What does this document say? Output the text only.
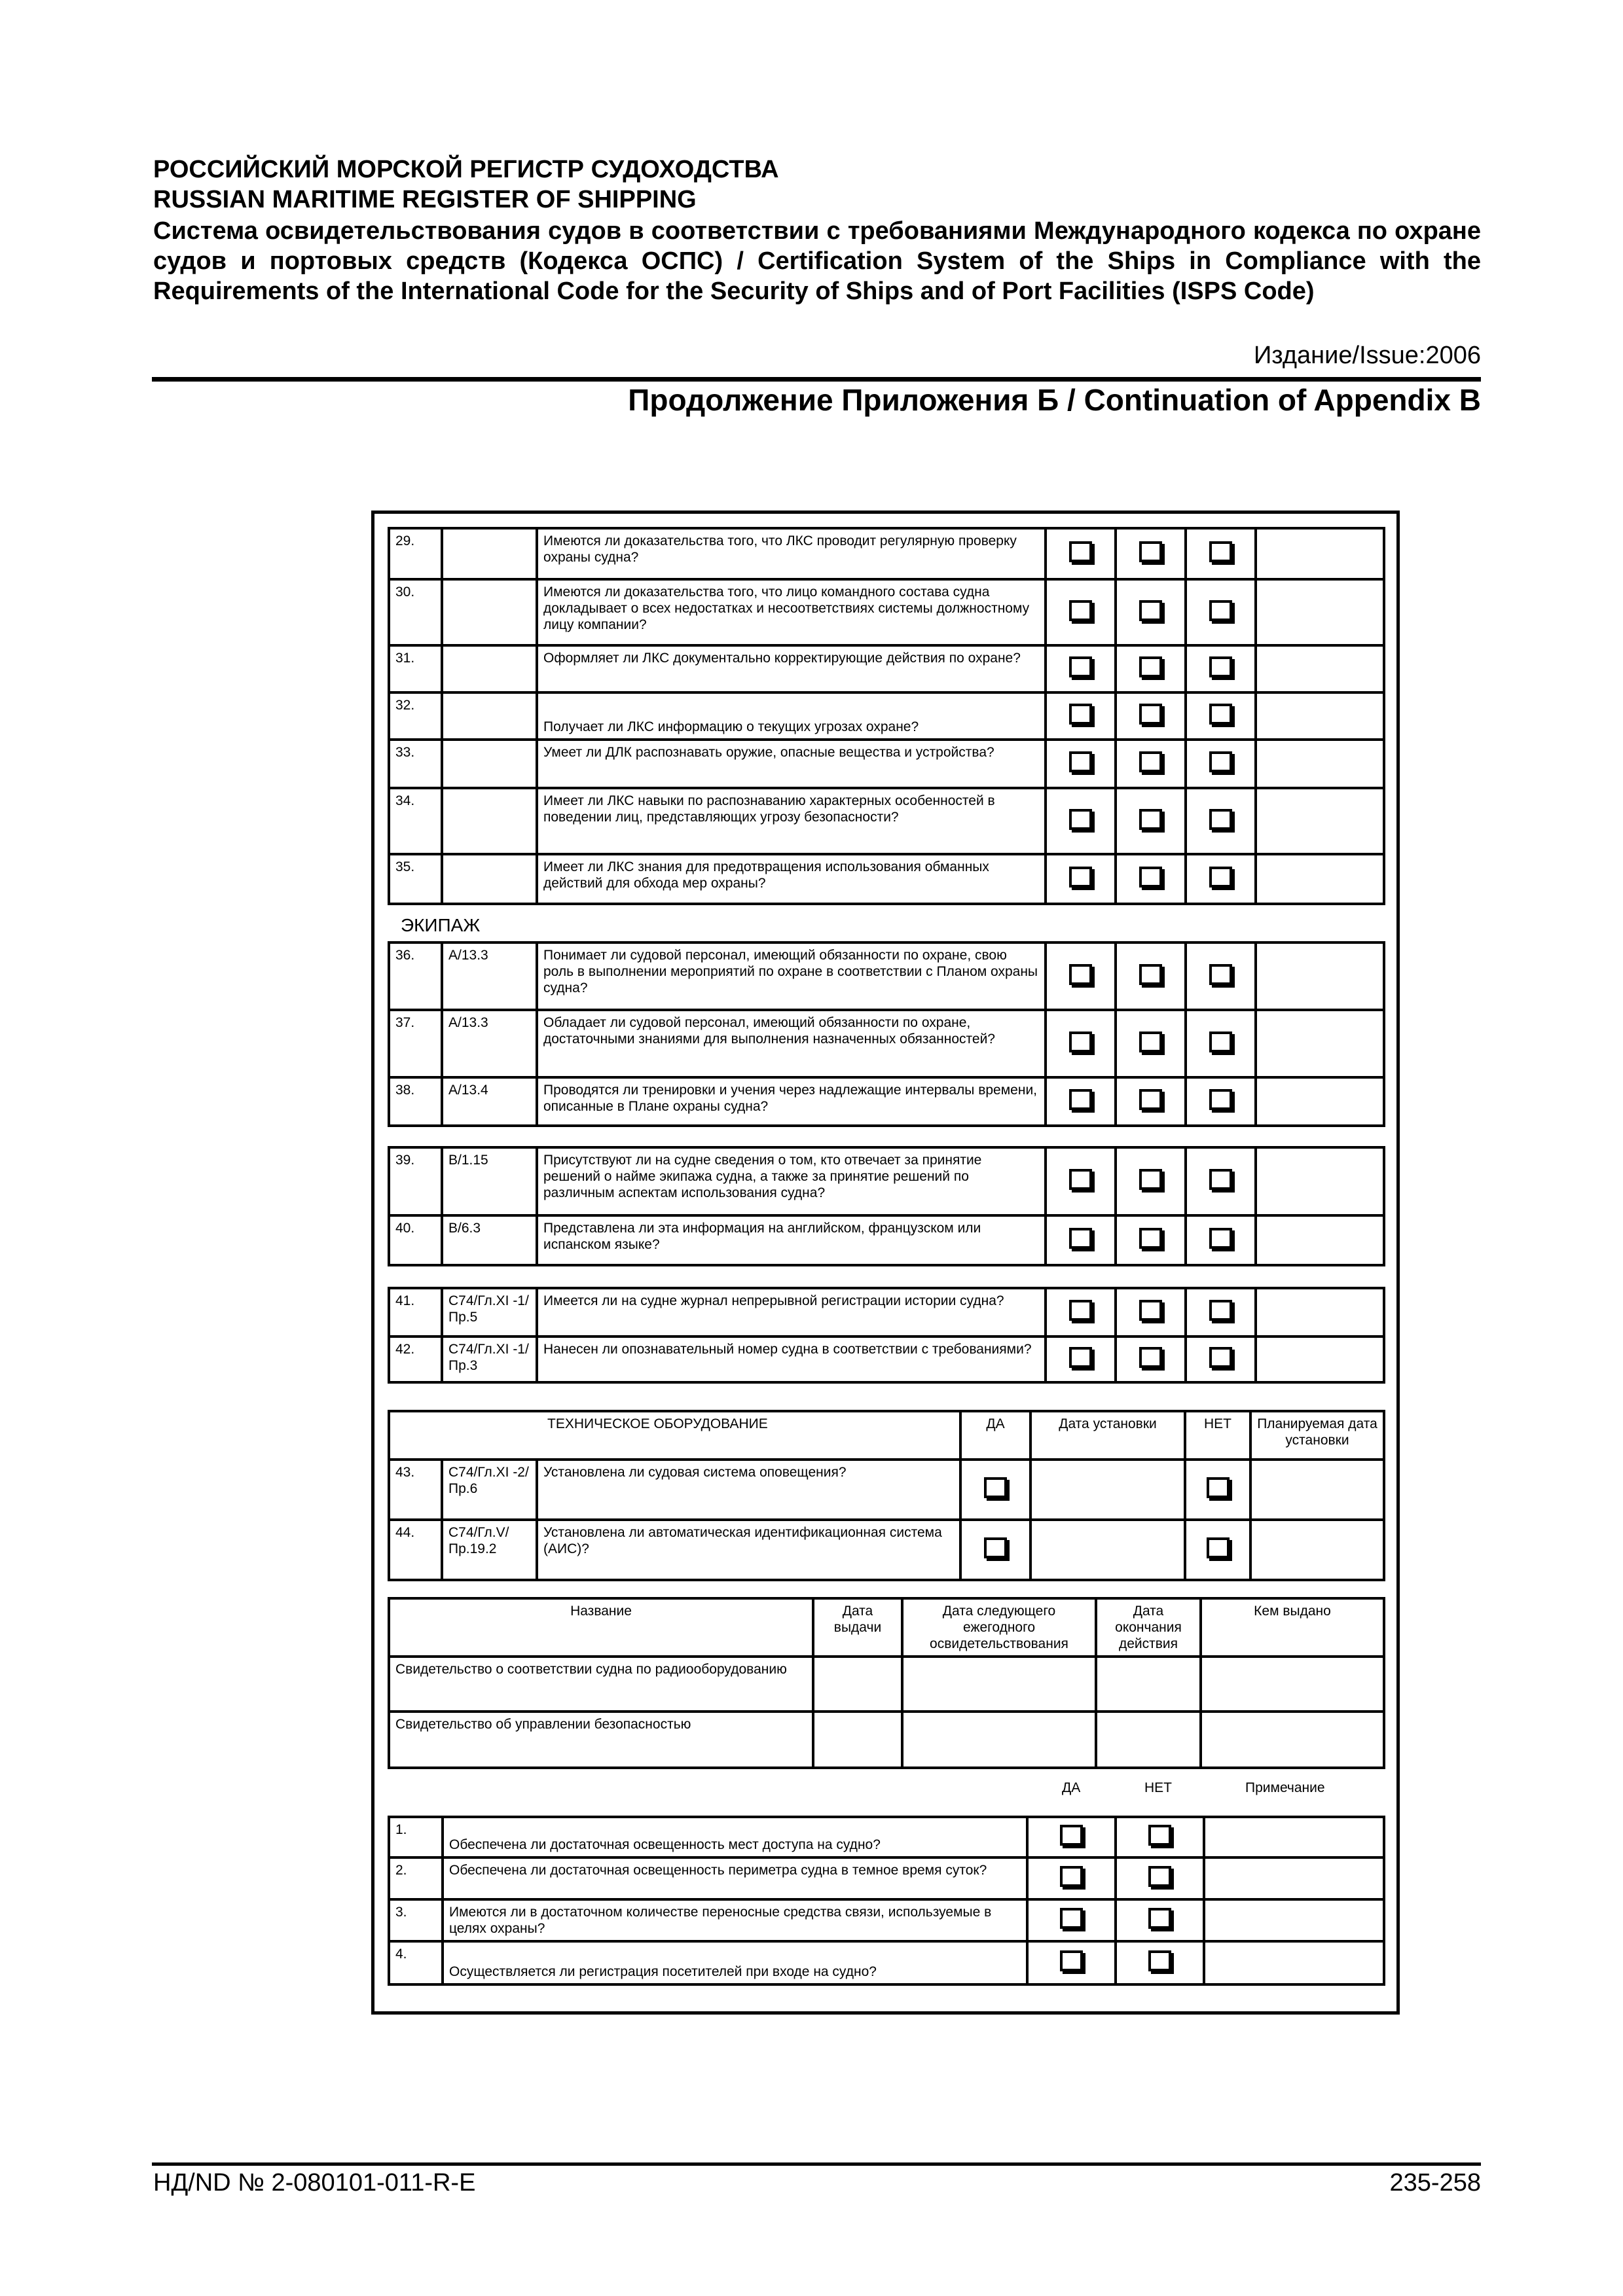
РОССИЙСКИЙ МОРСКОЙ РЕГИСТР СУДОХОДСТВА
RUSSIAN MARITIME REGISTER OF SHIPPING
Система освидетельствования судов в соответствии с требованиями Международного кодекса по охране судов и портовых средств (Кодекса ОСПС) / Certification System of the Ships in Compliance with the Requirements of the International Code for the Security of Ships and of Port Facilities (ISPS Code)
Издание/Issue:2006
Продолжение Приложения Б / Continuation of Appendix B
29.		Имеются ли доказательства того, что ЛКС проводит регулярную проверку охраны судна?				
30.		Имеются ли доказательства того, что лицо командного состава судна докладывает о всех недостатках и несоответствиях системы должностному лицу компании?				
31.		Оформляет ли ЛКС документально корректирующие действия по охране?				
32.		Получает ли ЛКС информацию о текущих угрозах охране?				
33.		Умеет ли ДЛК распознавать оружие, опасные вещества и устройства?				
34.		Имеет ли ЛКС навыки по распознаванию характерных особенностей в поведении лиц, представляющих угрозу безопасности?				
35.		Имеет ли ЛКС знания для предотвращения использования обманных действий для обхода мер охраны?				
ЭКИПАЖ
36.	А/13.3	Понимает ли судовой персонал, имеющий обязанности по охране, свою роль в выполнении мероприятий по охране в соответствии с Планом охраны судна?				
37.	А/13.3	Обладает ли судовой персонал, имеющий обязанности по охране, достаточными знаниями для выполнения назначенных обязанностей?				
38.	А/13.4	Проводятся ли тренировки и учения через надлежащие интервалы времени, описанные в Плане охраны судна?				
39.	В/1.15	Присутствуют ли на судне сведения о том, кто отвечает за принятие решений о найме экипажа судна, а также за принятие решений по различным аспектам использования судна?				
40.	В/6.3	Представлена ли эта информация на английском, французском или испанском языке?				
41.	С74/Гл.XI -1/Пр.5	Имеется ли на судне журнал непрерывной регистрации истории судна?				
42.	С74/Гл.XI -1/Пр.3	Нанесен ли опознавательный номер судна в соответствии с требованиями?				
ТЕХНИЧЕСКОЕ ОБОРУДОВАНИЕ			ДА	Дата установки	НЕТ	Планируемая дата установки
43.	С74/Гл.XI -2/Пр.6	Установлена ли судовая система оповещения?				
44.	С74/Гл.V/ Пр.19.2	Установлена ли автоматическая идентификационная система (АИС)?				
Название	Дата выдачи	Дата следующего ежегодного освидетельствования	Дата окончания действия	Кем выдано
Свидетельство о соответствии судна по радиооборудованию				
Свидетельство об управлении безопасностью				
ДА	НЕТ	Примечание
1.	Обеспечена ли достаточная освещенность мест доступа на судно?			
2.	Обеспечена ли достаточная освещенность периметра судна в темное время суток?			
3.	Имеются ли в достаточном количестве переносные средства связи, используемые в целях охраны?			
4.	Осуществляется ли регистрация посетителей при входе на судно?			
НД/ND № 2-080101-011-R-E	235-258
